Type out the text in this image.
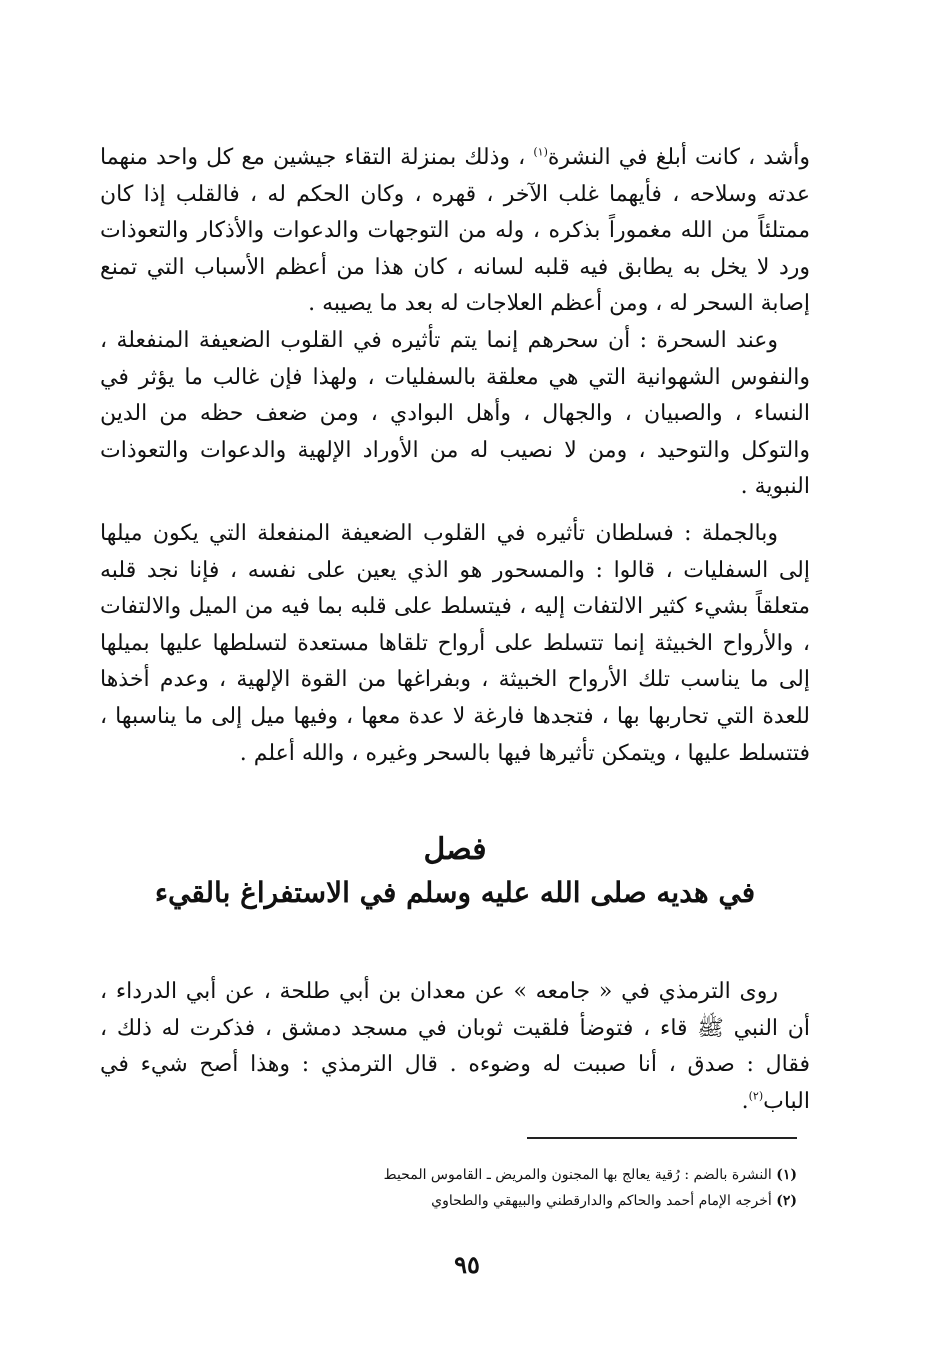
وأشد ، كانت أبلغ في النشرة$^{(١)}$ ، وذلك بمنزلة التقاء جيشين مع كل واحد منهما عدته وسلاحه ، فأيهما غلب الآخر ، قهره ، وكان الحكم له ، فالقلب إذا كان ممتلئاً من الله مغموراً بذكره ، وله من التوجهات والدعوات والأذكار والتعوذات ورد لا يخل به يطابق فيه قلبه لسانه ، كان هذا من أعظم الأسباب التي تمنع إصابة السحر له ، ومن أعظم العلاجات له بعد ما يصيبه .

وعند السحرة : أن سحرهم إنما يتم تأثيره في القلوب الضعيفة المنفعلة ، والنفوس الشهوانية التي هي معلقة بالسفليات ، ولهذا فإن غالب ما يؤثر في النساء ، والصبيان ، والجهال ، وأهل البوادي ، ومن ضعف حظه من الدين والتوكل والتوحيد ، ومن لا نصيب له من الأوراد الإلهية والدعوات والتعوذات النبوية .

وبالجملة : فسلطان تأثيره في القلوب الضعيفة المنفعلة التي يكون ميلها إلى السفليات ، قالوا : والمسحور هو الذي يعين على نفسه ، فإنا نجد قلبه متعلقاً بشيء كثير الالتفات إليه ، فيتسلط على قلبه بما فيه من الميل والالتفات ، والأرواح الخبيثة إنما تتسلط على أرواح تلقاها مستعدة لتسلطها عليها بميلها إلى ما يناسب تلك الأرواح الخبيثة ، وبفراغها من القوة الإلهية ، وعدم أخذها للعدة التي تحاربها بها ، فتجدها فارغة لا عدة معها ، وفيها ميل إلى ما يناسبها ، فتتسلط عليها ، ويتمكن تأثيرها فيها بالسحر وغيره ، والله أعلم .

فصل

في هديه صلى الله عليه وسلم في الاستفراغ بالقيء

روى الترمذي في « جامعه » عن معدان بن أبي طلحة ، عن أبي الدرداء ، أن النبي ﷺ قاء ، فتوضأ فلقيت ثوبان في مسجد دمشق ، فذكرت له ذلك ، فقال : صدق ، أنا صببت له وضوءه . قال الترمذي : وهذا أصح شيء في الباب$^{(٢)}$.

(١) النشرة بالضم : رُقية يعالج بها المجنون والمريض ـ القاموس المحيط

(٢) أخرجه الإمام أحمد والحاكم والدارقطني والبيهقي والطحاوي

٩٥
